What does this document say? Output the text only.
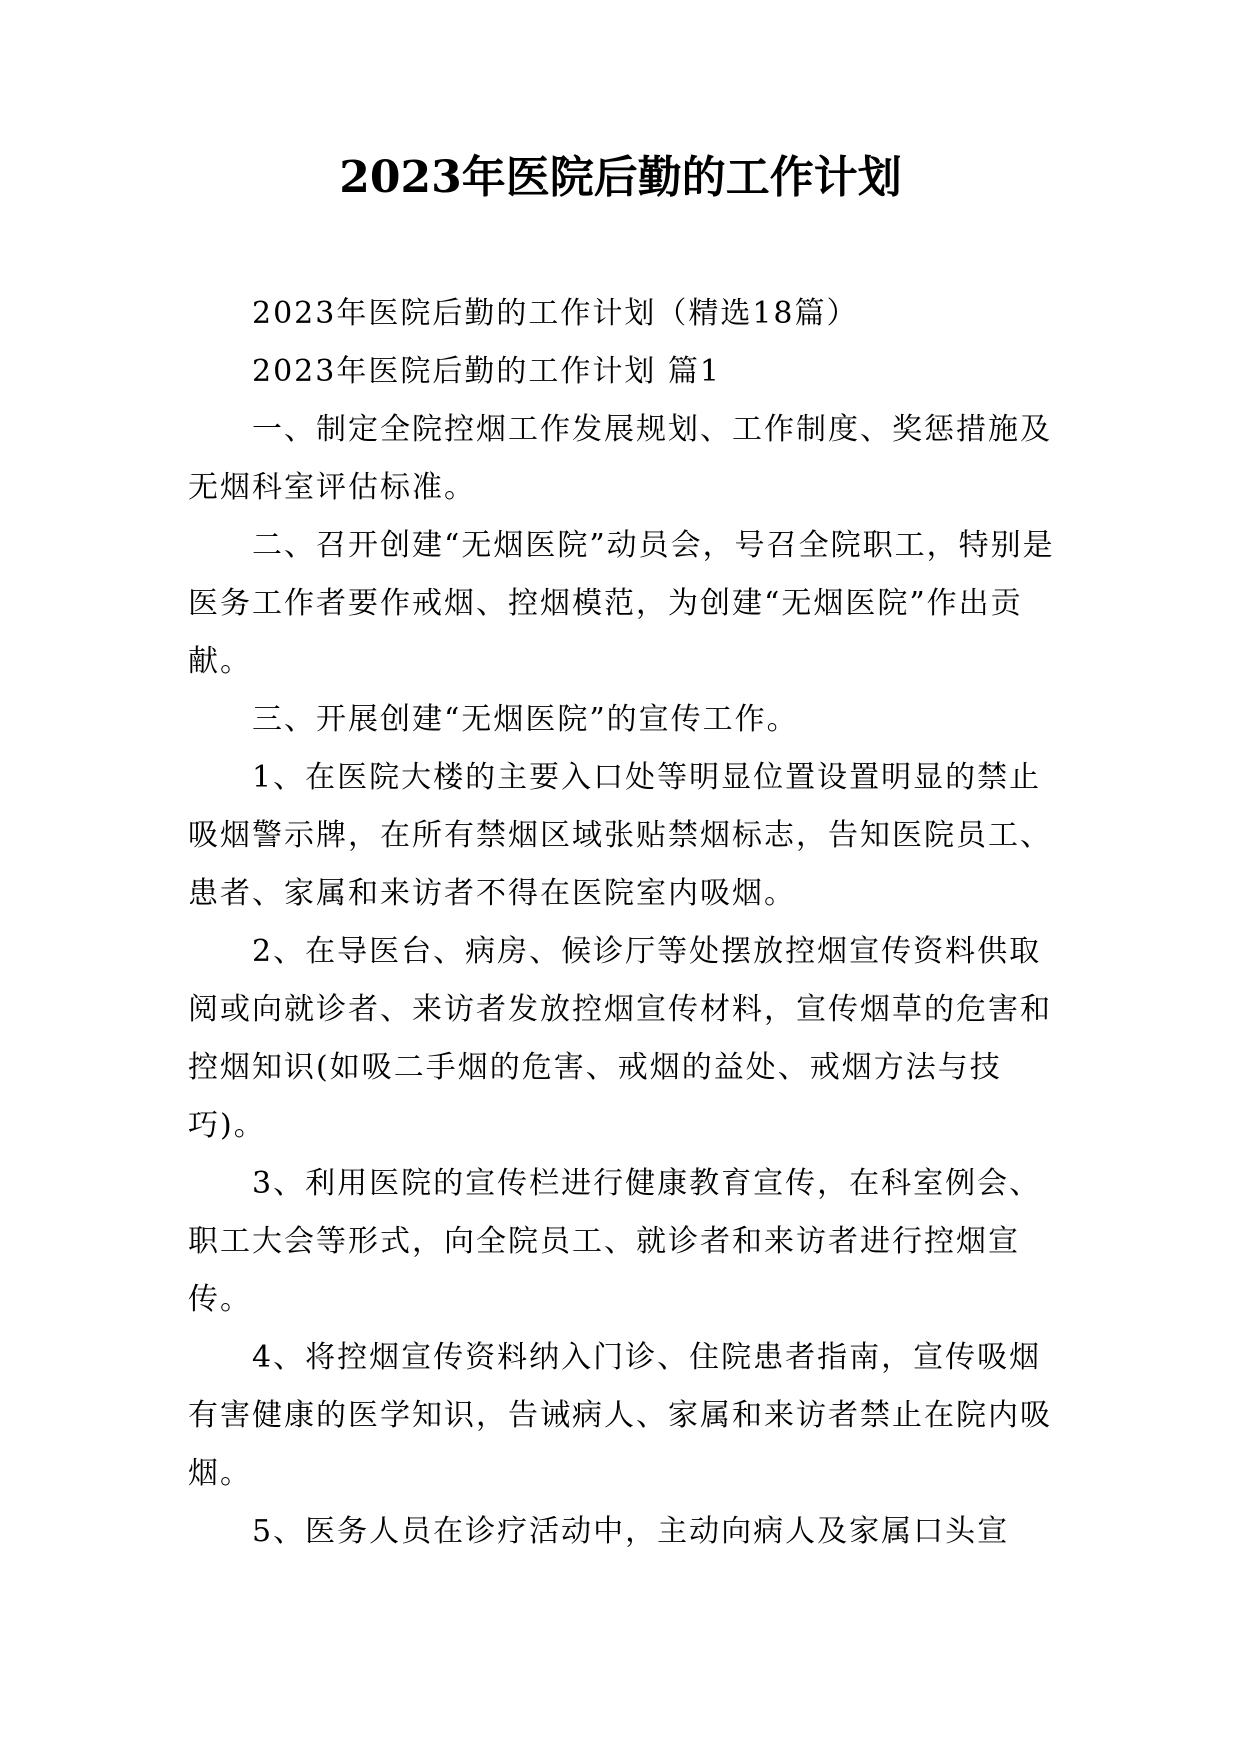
2023年医院后勤的工作计划

2023年医院后勤的工作计划（精选18篇）

2023年医院后勤的工作计划 篇1

一、制定全院控烟工作发展规划、工作制度、奖惩措施及无烟科室评估标准。

二、召开创建“无烟医院”动员会，号召全院职工，特别是医务工作者要作戒烟、控烟模范，为创建“无烟医院”作出贡献。

三、开展创建“无烟医院”的宣传工作。

1、在医院大楼的主要入口处等明显位置设置明显的禁止吸烟警示牌，在所有禁烟区域张贴禁烟标志，告知医院员工、患者、家属和来访者不得在医院室内吸烟。

2、在导医台、病房、候诊厅等处摆放控烟宣传资料供取阅或向就诊者、来访者发放控烟宣传材料，宣传烟草的危害和控烟知识(如吸二手烟的危害、戒烟的益处、戒烟方法与技巧)。

3、利用医院的宣传栏进行健康教育宣传，在科室例会、职工大会等形式，向全院员工、就诊者和来访者进行控烟宣传。

4、将控烟宣传资料纳入门诊、住院患者指南，宣传吸烟有害健康的医学知识，告诫病人、家属和来访者禁止在院内吸烟。

5、医务人员在诊疗活动中，主动向病人及家属口头宣
